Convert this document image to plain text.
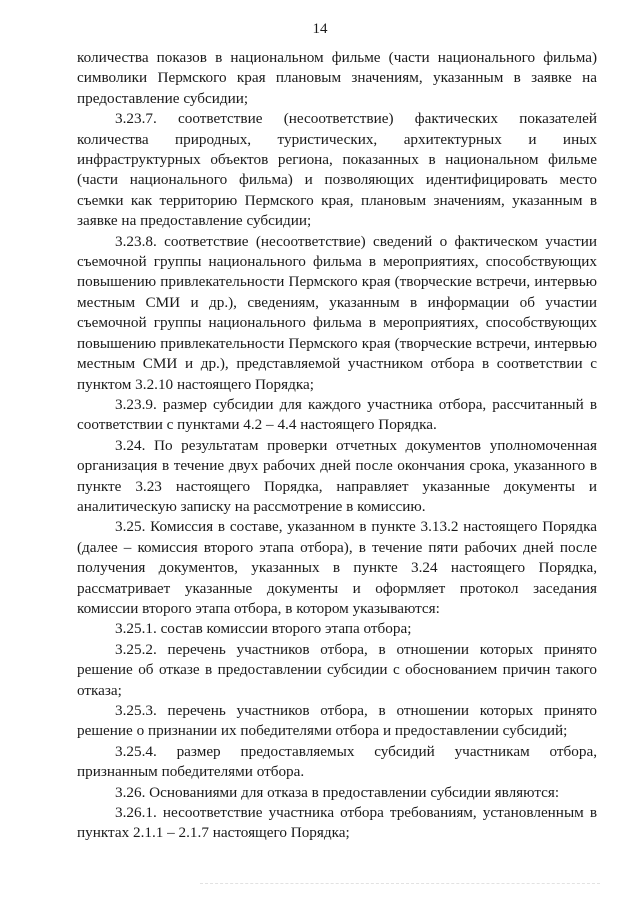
14

количества показов в национальном фильме (части национального фильма) символики Пермского края плановым значениям, указанным в заявке на предоставление субсидии;

3.23.7. соответствие (несоответствие) фактических показателей количества природных, туристических, архитектурных и иных инфраструктурных объектов региона, показанных в национальном фильме (части национального фильма) и позволяющих идентифицировать место съемки как территорию Пермского края, плановым значениям, указанным в заявке на предоставление субсидии;

3.23.8. соответствие (несоответствие) сведений о фактическом участии съемочной группы национального фильма в мероприятиях, способствующих повышению привлекательности Пермского края (творческие встречи, интервью местным СМИ и др.), сведениям, указанным в информации об участии съемочной группы национального фильма в мероприятиях, способствующих повышению привлекательности Пермского края (творческие встречи, интервью местным СМИ и др.), представляемой участником отбора в соответствии с пунктом 3.2.10 настоящего Порядка;

3.23.9. размер субсидии для каждого участника отбора, рассчитанный в соответствии с пунктами 4.2 – 4.4 настоящего Порядка.

3.24. По результатам проверки отчетных документов уполномоченная организация в течение двух рабочих дней после окончания срока, указанного в пункте 3.23 настоящего Порядка, направляет указанные документы и аналитическую записку на рассмотрение в комиссию.

3.25. Комиссия в составе, указанном в пункте 3.13.2 настоящего Порядка (далее – комиссия второго этапа отбора), в течение пяти рабочих дней после получения документов, указанных в пункте 3.24 настоящего Порядка, рассматривает указанные документы и оформляет протокол заседания комиссии второго этапа отбора, в котором указываются:

3.25.1. состав комиссии второго этапа отбора;

3.25.2. перечень участников отбора, в отношении которых принято решение об отказе в предоставлении субсидии с обоснованием причин такого отказа;

3.25.3. перечень участников отбора, в отношении которых принято решение о признании их победителями отбора и предоставлении субсидий;

3.25.4. размер предоставляемых субсидий участникам отбора, признанным победителями отбора.

3.26. Основаниями для отказа в предоставлении субсидии являются:

3.26.1. несоответствие участника отбора требованиям, установленным в пунктах 2.1.1 – 2.1.7 настоящего Порядка;
